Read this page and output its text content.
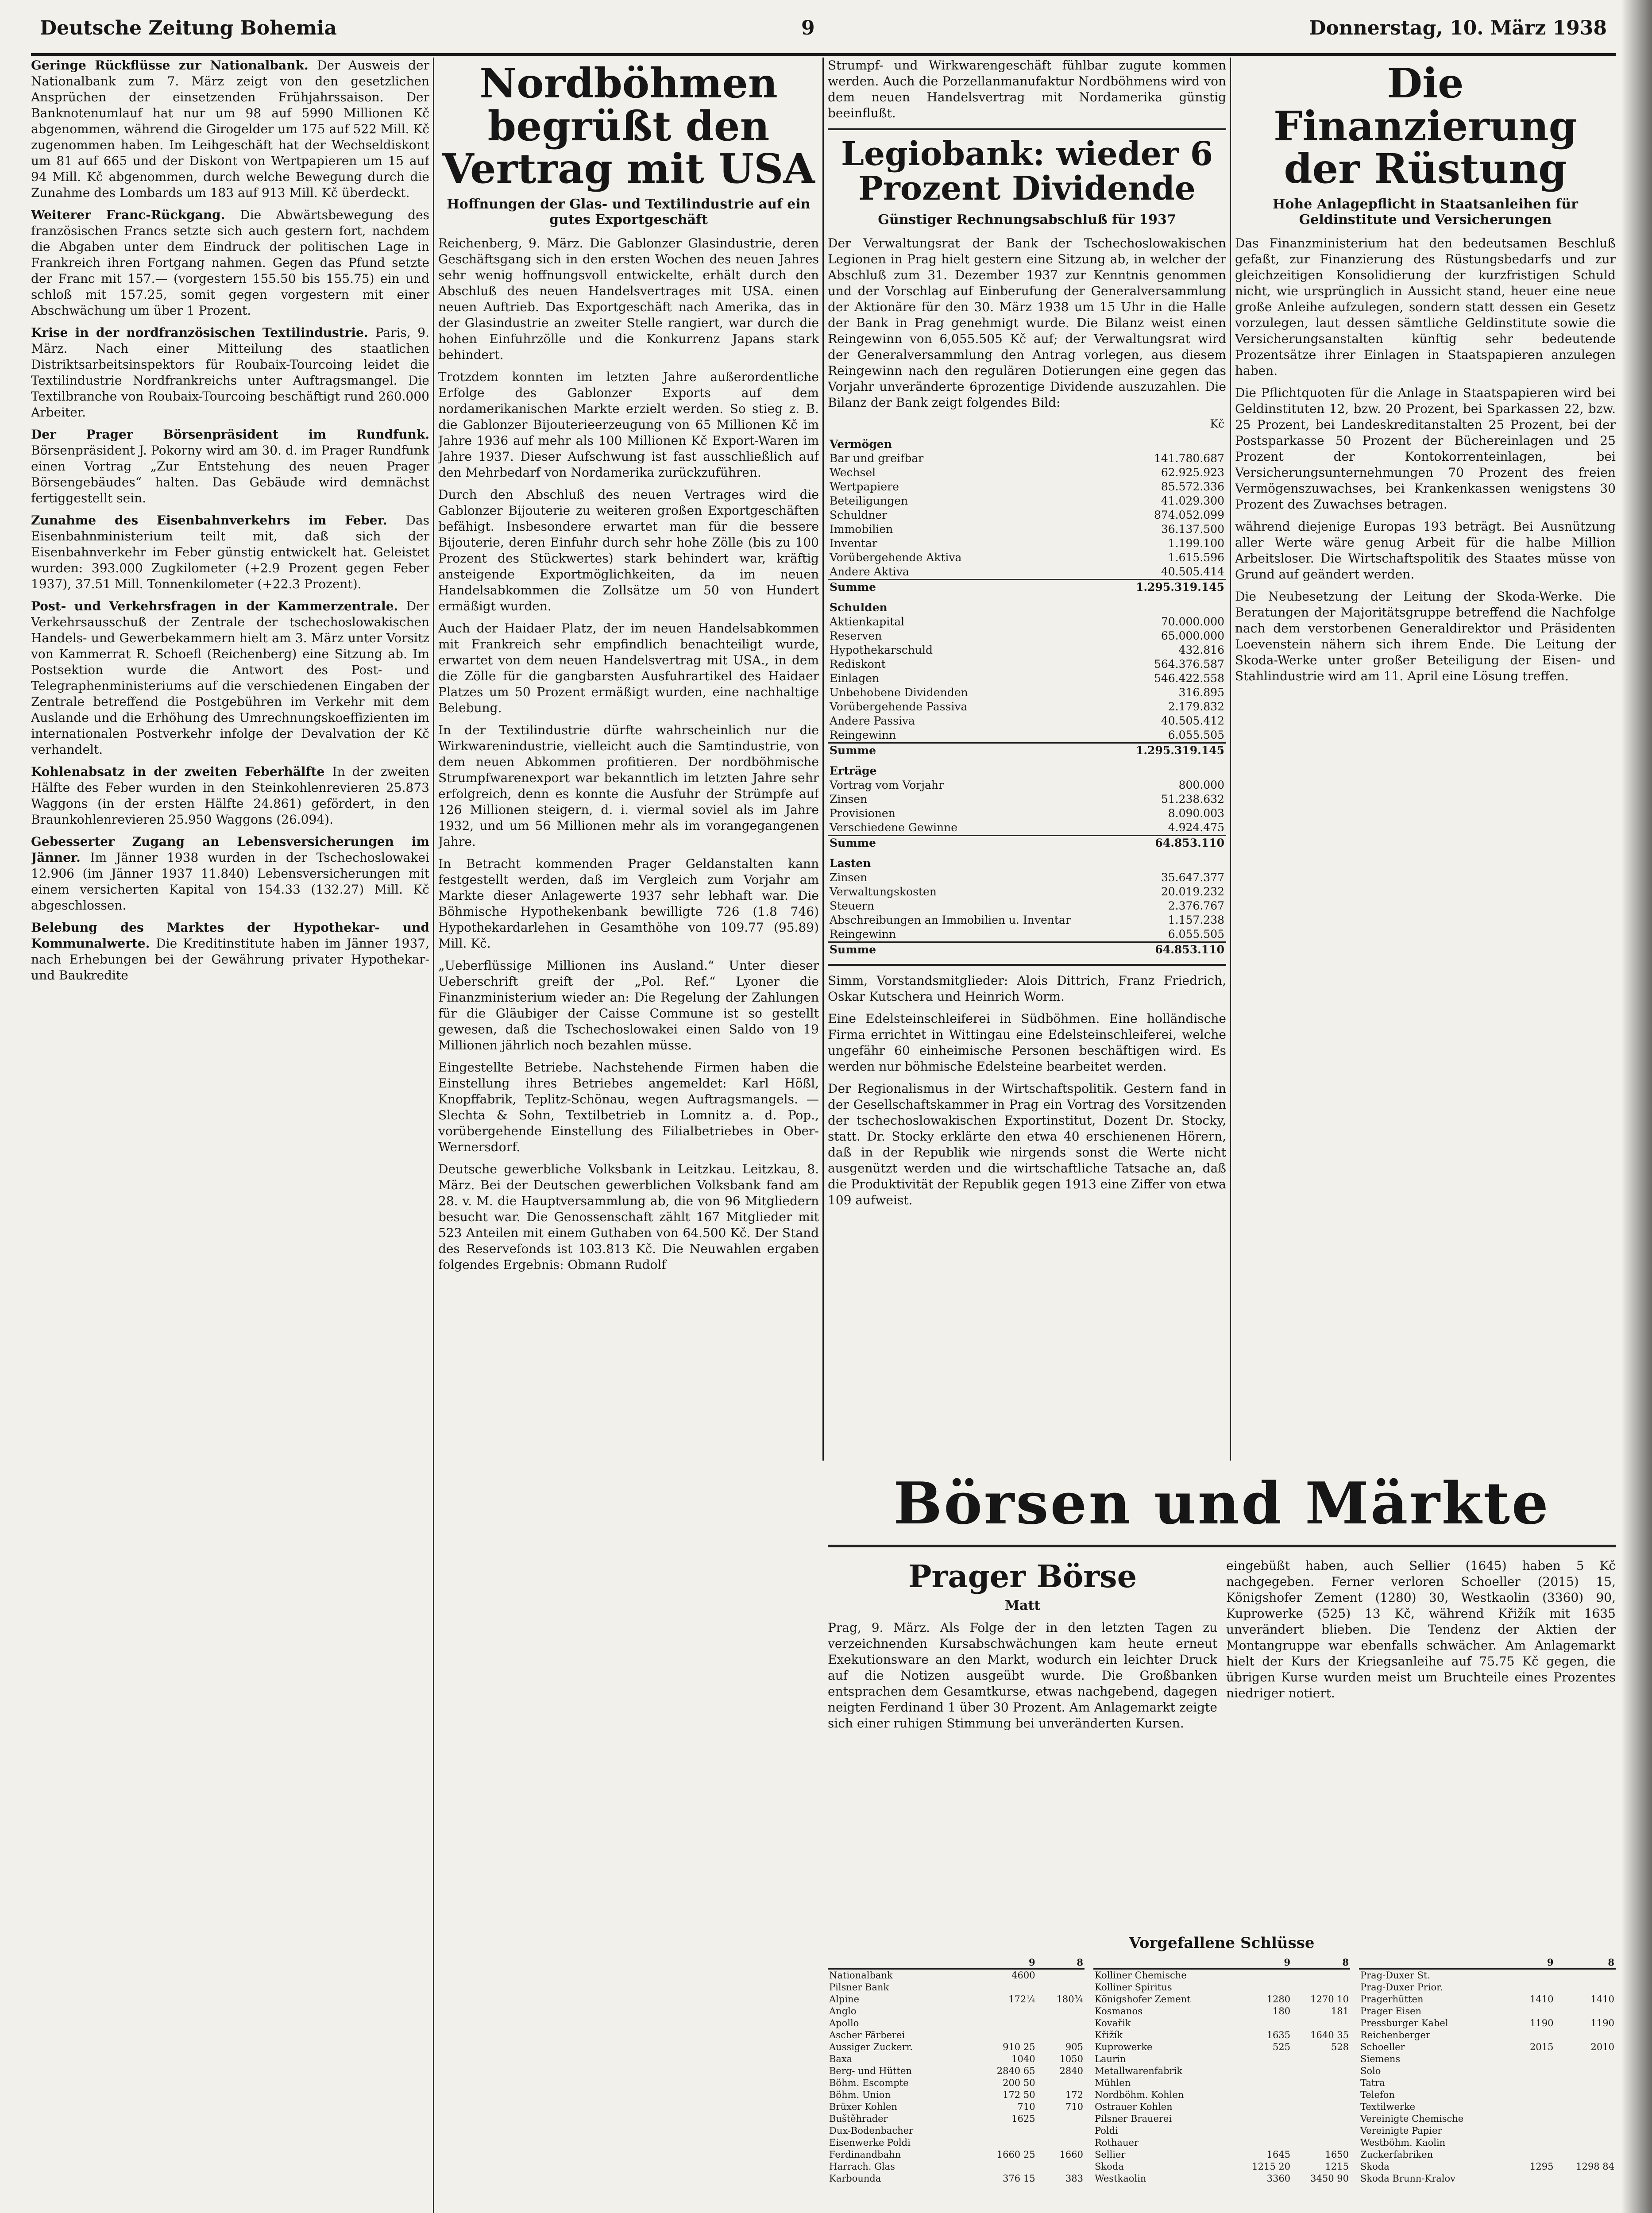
Deutsche Zeitung Bohemia	9	Donnerstag, 10. März 1938

Geringe Rückflüsse zur Nationalbank. Der Ausweis der Nationalbank zum 7. März zeigt von den gesetzlichen Ansprüchen der einsetzenden Frühjahrssaison. Der Banknotenumlauf hat nur um 98 auf 5990 Millionen Kč abgenommen, während die Girogelder um 175 auf 522 Mill. Kč zugenommen haben. Im Leihgeschäft hat der Wechseldiskont um 81 auf 665 und der Diskont von Wertpapieren um 15 auf 94 Mill. Kč abgenommen, durch welche Bewegung durch die Zunahme des Lombards um 183 auf 913 Mill. Kč überdeckt.

Weiterer Franc-Rückgang. Die Abwärtsbewegung des französischen Francs setzte sich auch gestern fort, nachdem die Abgaben unter dem Eindruck der politischen Lage in Frankreich ihren Fortgang nahmen. Gegen das Pfund setzte der Franc mit 157.— (vorgestern 155.50 bis 155.75) ein und schloß mit 157.25, somit gegen vorgestern mit einer Abschwächung um über 1 Prozent.

Krise in der nordfranzösischen Textilindustrie. Paris, 9. März. Nach einer Mitteilung des staatlichen Distriktsarbeitsinspektors für Roubaix-Tourcoing leidet die Textilindustrie Nordfrankreichs unter Auftragsmangel. Die Textilbranche von Roubaix-Tourcoing beschäftigt rund 260.000 Arbeiter.

Der Prager Börsenpräsident im Rundfunk. Börsenpräsident J. Pokorny wird am 30. d. im Prager Rundfunk einen Vortrag „Zur Entstehung des neuen Prager Börsengebäudes“ halten. Das Gebäude wird demnächst fertiggestellt sein.

Zunahme des Eisenbahnverkehrs im Feber. Das Eisenbahnministerium teilt mit, daß sich der Eisenbahnverkehr im Feber günstig entwickelt hat. Geleistet wurden: 393.000 Zugkilometer (+2.9 Prozent gegen Feber 1937), 37.51 Mill. Tonnenkilometer (+22.3 Prozent).

Post- und Verkehrsfragen in der Kammerzentrale. Der Verkehrsausschuß der Zentrale der tschechoslowakischen Handels- und Gewerbekammern hielt am 3. März unter Vorsitz von Kammerrat R. Schoefl (Reichenberg) eine Sitzung ab. Im Postsektion wurde die Antwort des Post- und Telegraphenministeriums auf die verschiedenen Eingaben der Zentrale betreffend die Postgebühren im Verkehr mit dem Auslande und die Erhöhung des Umrechnungskoeffizienten im internationalen Postverkehr infolge der Devalvation der Kč verhandelt.

Kohlenabsatz in der zweiten Feberhälfte In der zweiten Hälfte des Feber wurden in den Steinkohlenrevieren 25.873 Waggons (in der ersten Hälfte 24.861) gefördert, in den Braunkohlenrevieren 25.950 Waggons (26.094).

Gebesserter Zugang an Lebensversicherungen im Jänner. Im Jänner 1938 wurden in der Tschechoslowakei 12.906 (im Jänner 1937 11.840) Lebensversicherungen mit einem versicherten Kapital von 154.33 (132.27) Mill. Kč abgeschlossen.

Belebung des Marktes der Hypothekar- und Kommunalwerte. Die Kreditinstitute haben im Jänner 1937, nach Erhebungen bei der Gewährung privater Hypothekar- und Baukredite

Nordböhmen begrüßt den Vertrag mit USA
Hoffnungen der Glas- und Textilindustrie auf ein gutes Exportgeschäft

Reichenberg, 9. März. Die Gablonzer Glasindustrie, deren Geschäftsgang sich in den ersten Wochen des neuen Jahres sehr wenig hoffnungsvoll entwickelte, erhält durch den Abschluß des neuen Handelsvertrages mit USA. einen neuen Auftrieb. Das Exportgeschäft nach Amerika, das in der Glasindustrie an zweiter Stelle rangiert, war durch die hohen Einfuhrzölle und die Konkurrenz Japans stark behindert.

Trotzdem konnten im letzten Jahre außerordentliche Erfolge des Gablonzer Exports auf dem nordamerikanischen Markte erzielt werden. So stieg z. B. die Gablonzer Bijouterieerzeugung von 65 Millionen Kč im Jahre 1936 auf mehr als 100 Millionen Kč Export-Waren im Jahre 1937. Dieser Aufschwung ist fast ausschließlich auf den Mehrbedarf von Nordamerika zurückzuführen.

Durch den Abschluß des neuen Vertrages wird die Gablonzer Bijouterie zu weiteren großen Exportgeschäften befähigt. Insbesondere erwartet man für die bessere Bijouterie, deren Einfuhr durch sehr hohe Zölle (bis zu 100 Prozent des Stückwertes) stark behindert war, kräftig ansteigende Exportmöglichkeiten, da im neuen Handelsabkommen die Zollsätze um 50 von Hundert ermäßigt wurden.

Auch der Haidaer Platz, der im neuen Handelsabkommen mit Frankreich sehr empfindlich benachteiligt wurde, erwartet von dem neuen Handelsvertrag mit USA., in dem die Zölle für die gangbarsten Ausfuhrartikel des Haidaer Platzes um 50 Prozent ermäßigt wurden, eine nachhaltige Belebung.

In der Textilindustrie dürfte wahrscheinlich nur die Wirkwarenindustrie, vielleicht auch die Samtindustrie, von dem neuen Abkommen profitieren. Der nordböhmische Strumpfwarenexport war bekanntlich im letzten Jahre sehr erfolgreich, denn es konnte die Ausfuhr der Strümpfe auf 126 Millionen steigern, d. i. viermal soviel als im Jahre 1932, und um 56 Millionen mehr als im vorangegangenen Jahre.

In Betracht kommenden Prager Geldanstalten kann festgestellt werden, daß im Vergleich zum Vorjahr am Markte dieser Anlagewerte 1937 sehr lebhaft war. Die Böhmische Hypothekenbank bewilligte 726 (1.8 746) Hypothekardarlehen in Gesamthöhe von 109.77 (95.89) Mill. Kč.

„Ueberflüssige Millionen ins Ausland.“ Unter dieser Ueberschrift greift der „Pol. Ref.“ Lyoner die Finanzministerium wieder an: Die Regelung der Zahlungen für die Gläubiger der Caisse Commune ist so gestellt gewesen, daß die Tschechoslowakei einen Saldo von 19 Millionen jährlich noch bezahlen müsse.

Eingestellte Betriebe. Nachstehende Firmen haben die Einstellung ihres Betriebes angemeldet: Karl Hößl, Knopffabrik, Teplitz-Schönau, wegen Auftragsmangels. — Slechta & Sohn, Textilbetrieb in Lomnitz a. d. Pop., vorübergehende Einstellung des Filialbetriebes in Ober-Wernersdorf.

Deutsche gewerbliche Volksbank in Leitzkau. Leitzkau, 8. März. Bei der Deutschen gewerblichen Volksbank fand am 28. v. M. die Hauptversammlung ab, die von 96 Mitgliedern besucht war. Die Genossenschaft zählt 167 Mitglieder mit 523 Anteilen mit einem Guthaben von 64.500 Kč. Der Stand des Reservefonds ist 103.813 Kč. Die Neuwahlen ergaben folgendes Ergebnis: Obmann Rudolf

Strumpf- und Wirkwarengeschäft fühlbar zugute kommen werden. Auch die Porzellanmanufaktur Nordböhmens wird von dem neuen Handelsvertrag mit Nordamerika günstig beeinflußt.

Legiobank: wieder 6 Prozent Dividende
Günstiger Rechnungsabschluß für 1937

Der Verwaltungsrat der Bank der Tschechoslowakischen Legionen in Prag hielt gestern eine Sitzung ab, in welcher der Abschluß zum 31. Dezember 1937 zur Kenntnis genommen und der Vorschlag auf Einberufung der Generalversammlung der Aktionäre für den 30. März 1938 um 15 Uhr in die Halle der Bank in Prag genehmigt wurde. Die Bilanz weist einen Reingewinn von 6,055.505 Kč auf; der Verwaltungsrat wird der Generalversammlung den Antrag vorlegen, aus diesem Reingewinn nach den regulären Dotierungen eine gegen das Vorjahr unveränderte 6prozentige Dividende auszuzahlen. Die Bilanz der Bank zeigt folgendes Bild:

	Kč
Vermögen	
Bar und greifbar	141.780.687
Wechsel	62.925.923
Wertpapiere	85.572.336
Beteiligungen	41.029.300
Schuldner	874.052.099
Immobilien	36.137.500
Inventar	1.199.100
Vorübergehende Aktiva	1.615.596
Andere Aktiva	40.505.414
Summe	1.295.319.145
Schulden	
Aktienkapital	70.000.000
Reserven	65.000.000
Hypothekarschuld	432.816
Rediskont	564.376.587
Einlagen	546.422.558
Unbehobene Dividenden	316.895
Vorübergehende Passiva	2.179.832
Andere Passiva	40.505.412
Reingewinn	6.055.505
Summe	1.295.319.145
Erträge	
Vortrag vom Vorjahr	800.000
Zinsen	51.238.632
Provisionen	8.090.003
Verschiedene Gewinne	4.924.475
Summe	64.853.110
Lasten	
Zinsen	35.647.377
Verwaltungskosten	20.019.232
Steuern	2.376.767
Abschreibungen an Immobilien u. Inventar	1.157.238
Reingewinn	6.055.505
Summe	64.853.110

Simm, Vorstandsmitglieder: Alois Dittrich, Franz Friedrich, Oskar Kutschera und Heinrich Worm.

Eine Edelsteinschleiferei in Südböhmen. Eine holländische Firma errichtet in Wittingau eine Edelsteinschleiferei, welche ungefähr 60 einheimische Personen beschäftigen wird. Es werden nur böhmische Edelsteine bearbeitet werden.

Der Regionalismus in der Wirtschaftspolitik. Gestern fand in der Gesellschaftskammer in Prag ein Vortrag des Vorsitzenden der tschechoslowakischen Exportinstitut, Dozent Dr. Stocky, statt. Dr. Stocky erklärte den etwa 40 erschienenen Hörern, daß in der Republik wie nirgends sonst die Werte nicht ausgenützt werden und die wirtschaftliche Tatsache an, daß die Produktivität der Republik gegen 1913 eine Ziffer von etwa 109 aufweist.

Die Finanzierung der Rüstung
Hohe Anlagepflicht in Staatsanleihen für Geldinstitute und Versicherungen

Das Finanzministerium hat den bedeutsamen Beschluß gefaßt, zur Finanzierung des Rüstungsbedarfs und zur gleichzeitigen Konsolidierung der kurzfristigen Schuld nicht, wie ursprünglich in Aussicht stand, heuer eine neue große Anleihe aufzulegen, sondern statt dessen ein Gesetz vorzulegen, laut dessen sämtliche Geldinstitute sowie die Versicherungsanstalten künftig sehr bedeutende Prozentsätze ihrer Einlagen in Staatspapieren anzulegen haben.

Die Pflichtquoten für die Anlage in Staatspapieren wird bei Geldinstituten 12, bzw. 20 Prozent, bei Sparkassen 22, bzw. 25 Prozent, bei Landeskreditanstalten 25 Prozent, bei der Postsparkasse 50 Prozent der Büchereinlagen und 25 Prozent der Kontokorrenteinlagen, bei Versicherungsunternehmungen 70 Prozent des freien Vermögenszuwachses, bei Krankenkassen wenigstens 30 Prozent des Zuwachses betragen.

während diejenige Europas 193 beträgt. Bei Ausnützung aller Werte wäre genug Arbeit für die halbe Million Arbeitsloser. Die Wirtschaftspolitik des Staates müsse von Grund auf geändert werden.

Die Neubesetzung der Leitung der Skoda-Werke. Die Beratungen der Majoritätsgruppe betreffend die Nachfolge nach dem verstorbenen Generaldirektor und Präsidenten Loevenstein nähern sich ihrem Ende. Die Leitung der Skoda-Werke unter großer Beteiligung der Eisen- und Stahlindustrie wird am 11. April eine Lösung treffen.

Börsen und Märkte
Prager Börse
Matt

Prag, 9. März. Als Folge der in den letzten Tagen zu verzeichnenden Kursabschwächungen kam heute erneut Exekutionsware an den Markt, wodurch ein leichter Druck auf die Notizen ausgeübt wurde. Die Großbanken entsprachen dem Gesamtkurse, etwas nachgebend, dagegen neigten Ferdinand 1 über 30 Prozent. Am Anlagemarkt zeigte sich einer ruhigen Stimmung bei unveränderten Kursen.

eingebüßt haben, auch Sellier (1645) haben 5 Kč nachgegeben. Ferner verloren Schoeller (2015) 15, Königshofer Zement (1280) 30, Westkaolin (3360) 90, Kuprowerke (525) 13 Kč, während Křižík mit 1635 unverändert blieben. Die Tendenz der Aktien der Montangruppe war ebenfalls schwächer. Am Anlagemarkt hielt der Kurs der Kriegsanleihe auf 75.75 Kč gegen, die übrigen Kurse wurden meist um Bruchteile eines Prozentes niedriger notiert.

Vorgefallene Schlüsse
	9	8
Nationalbank	4600	
Pilsner Bank		
Alpine	172¼	180¾
Anglo		
Apollo		
Ascher Färberei		
Aussiger Zuckerr.	910 25	905
Baxa	1040	1050
Berg- und Hütten	2840 65	2840
Böhm. Escompte	200 50	
Böhm. Union	172 50	172
Brüxer Kohlen	710	710
Buštěhrader	1625	
Dux-Bodenbacher		
Eisenwerke Poldi		
Ferdinandbahn	1660 25	1660
Harrach. Glas		
Karbounda	376 15	383
	9	8
Kolliner Chemische		
Kolliner Spiritus		
Königshofer Zement	1280	1270 10
Kosmanos	180	181
Kovařik		
Křižík	1635	1640 35
Kuprowerke	525	528
Laurin		
Metallwarenfabrik		
Mühlen		
Nordböhm. Kohlen		
Ostrauer Kohlen		
Pilsner Brauerei		
Poldi		
Rothauer		
Sellier	1645	1650
Skoda	1215 20	1215
Westkaolin	3360	3450 90
	9	8
Prag-Duxer St.		
Prag-Duxer Prior.		
Pragerhütten	1410	1410
Prager Eisen		
Pressburger Kabel	1190	1190
Reichenberger		
Schoeller	2015	2010
Siemens		
Solo		
Tatra		
Telefon		
Textilwerke		
Vereinigte Chemische		
Vereinigte Papier		
Westböhm. Kaolin		
Zuckerfabriken		
Skoda	1295	1298 84
Skoda Brunn-Kralov		
